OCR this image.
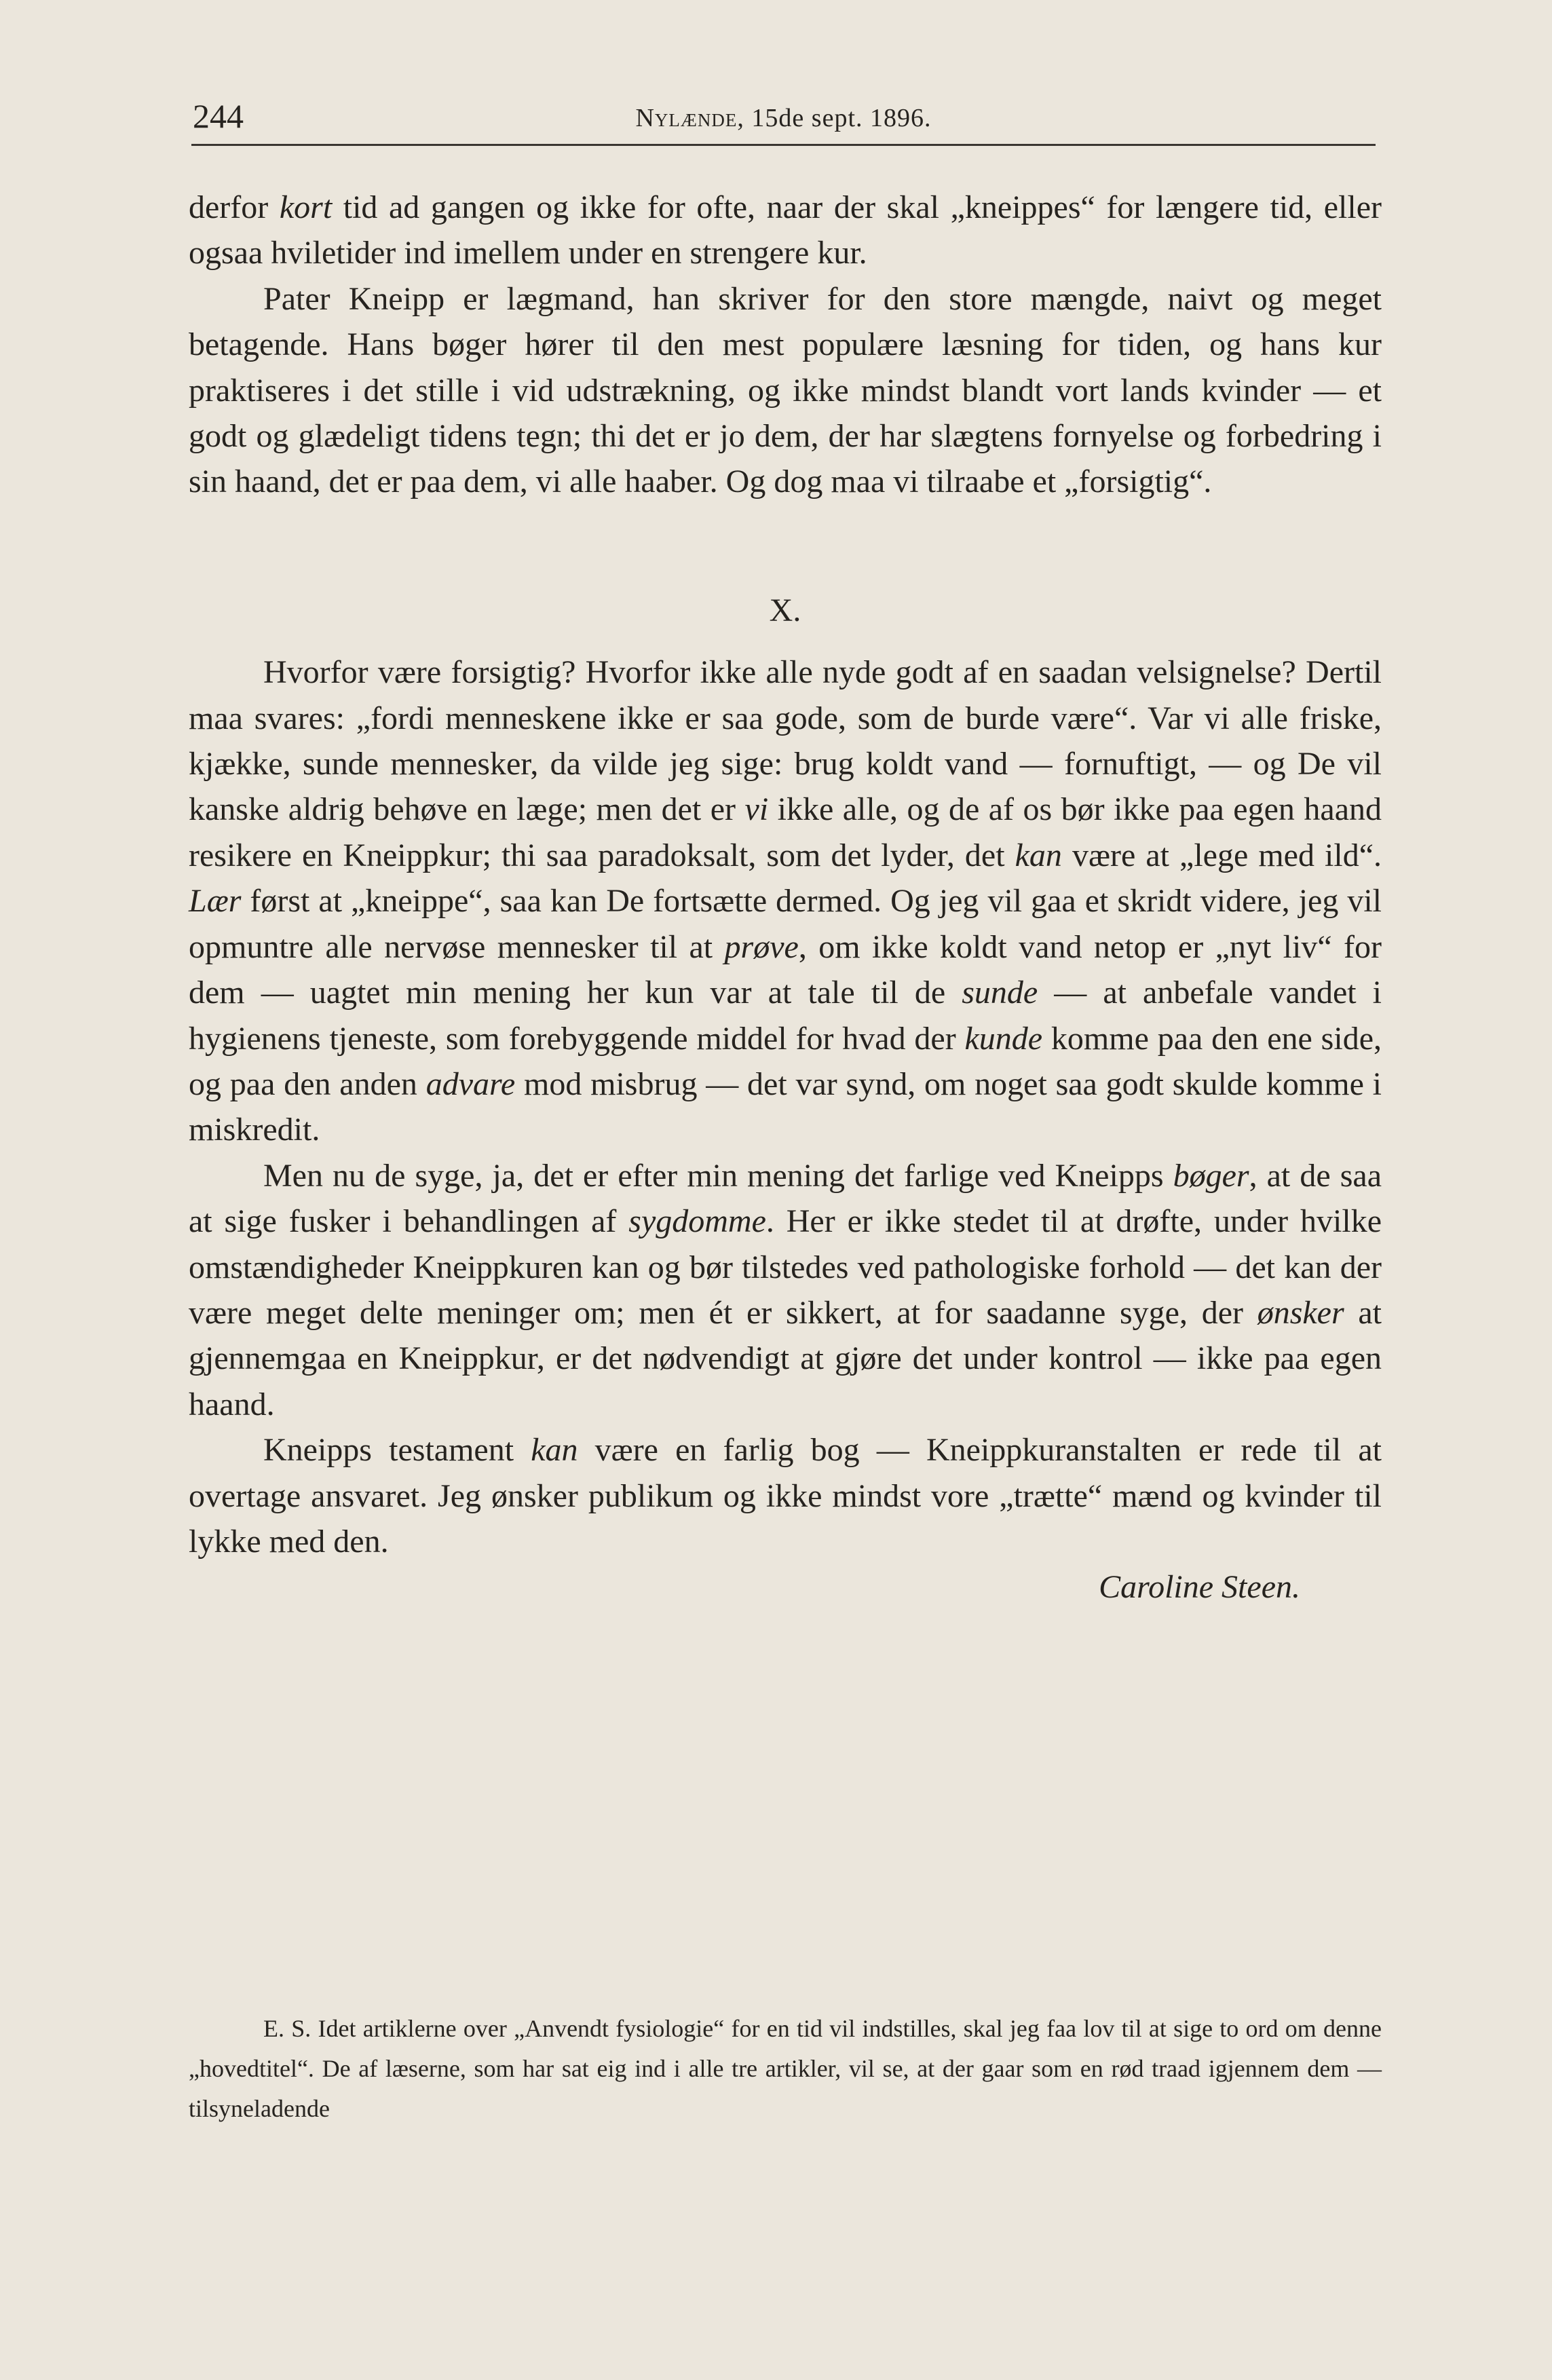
244	Nylænde, 15de sept. 1896.

derfor kort tid ad gangen og ikke for ofte, naar der skal „kneippes“ for længere tid, eller ogsaa hviletider ind imellem under en strengere kur.

Pater Kneipp er lægmand, han skriver for den store mængde, naivt og meget betagende. Hans bøger hører til den mest populære læsning for tiden, og hans kur praktiseres i det stille i vid udstrækning, og ikke mindst blandt vort lands kvinder — et godt og glædeligt tidens tegn; thi det er jo dem, der har slægtens fornyelse og forbedring i sin haand, det er paa dem, vi alle haaber. Og dog maa vi tilraabe et „forsigtig“.

X.

Hvorfor være forsigtig? Hvorfor ikke alle nyde godt af en saadan velsignelse? Dertil maa svares: „fordi menneskene ikke er saa gode, som de burde være“. Var vi alle friske, kjække, sunde mennesker, da vilde jeg sige: brug koldt vand — fornuftigt, — og De vil kanske aldrig behøve en læge; men det er vi ikke alle, og de af os bør ikke paa egen haand resikere en Kneippkur; thi saa paradoksalt, som det lyder, det kan være at „lege med ild“. Lær først at „kneippe“, saa kan De fortsætte dermed. Og jeg vil gaa et skridt videre, jeg vil opmuntre alle nervøse mennesker til at prøve, om ikke koldt vand netop er „nyt liv“ for dem — uagtet min mening her kun var at tale til de sunde — at anbefale vandet i hygienens tjeneste, som forebyggende middel for hvad der kunde komme paa den ene side, og paa den anden advare mod misbrug — det var synd, om noget saa godt skulde komme i miskredit.

Men nu de syge, ja, det er efter min mening det farlige ved Kneipps bøger, at de saa at sige fusker i behandlingen af sygdomme. Her er ikke stedet til at drøfte, under hvilke omstændigheder Kneippkuren kan og bør tilstedes ved pathologiske forhold — det kan der være meget delte meninger om; men ét er sikkert, at for saadanne syge, der ønsker at gjennemgaa en Kneippkur, er det nødvendigt at gjøre det under kontrol — ikke paa egen haand.

Kneipps testament kan være en farlig bog — Kneippkuranstalten er rede til at overtage ansvaret. Jeg ønsker publikum og ikke mindst vore „trætte“ mænd og kvinder til lykke med den.

Caroline Steen.

E. S. Idet artiklerne over „Anvendt fysiologie“ for en tid vil indstilles, skal jeg faa lov til at sige to ord om denne „hovedtitel“. De af læserne, som har sat eig ind i alle tre artikler, vil se, at der gaar som en rød traad igjennem dem — tilsyneladende
